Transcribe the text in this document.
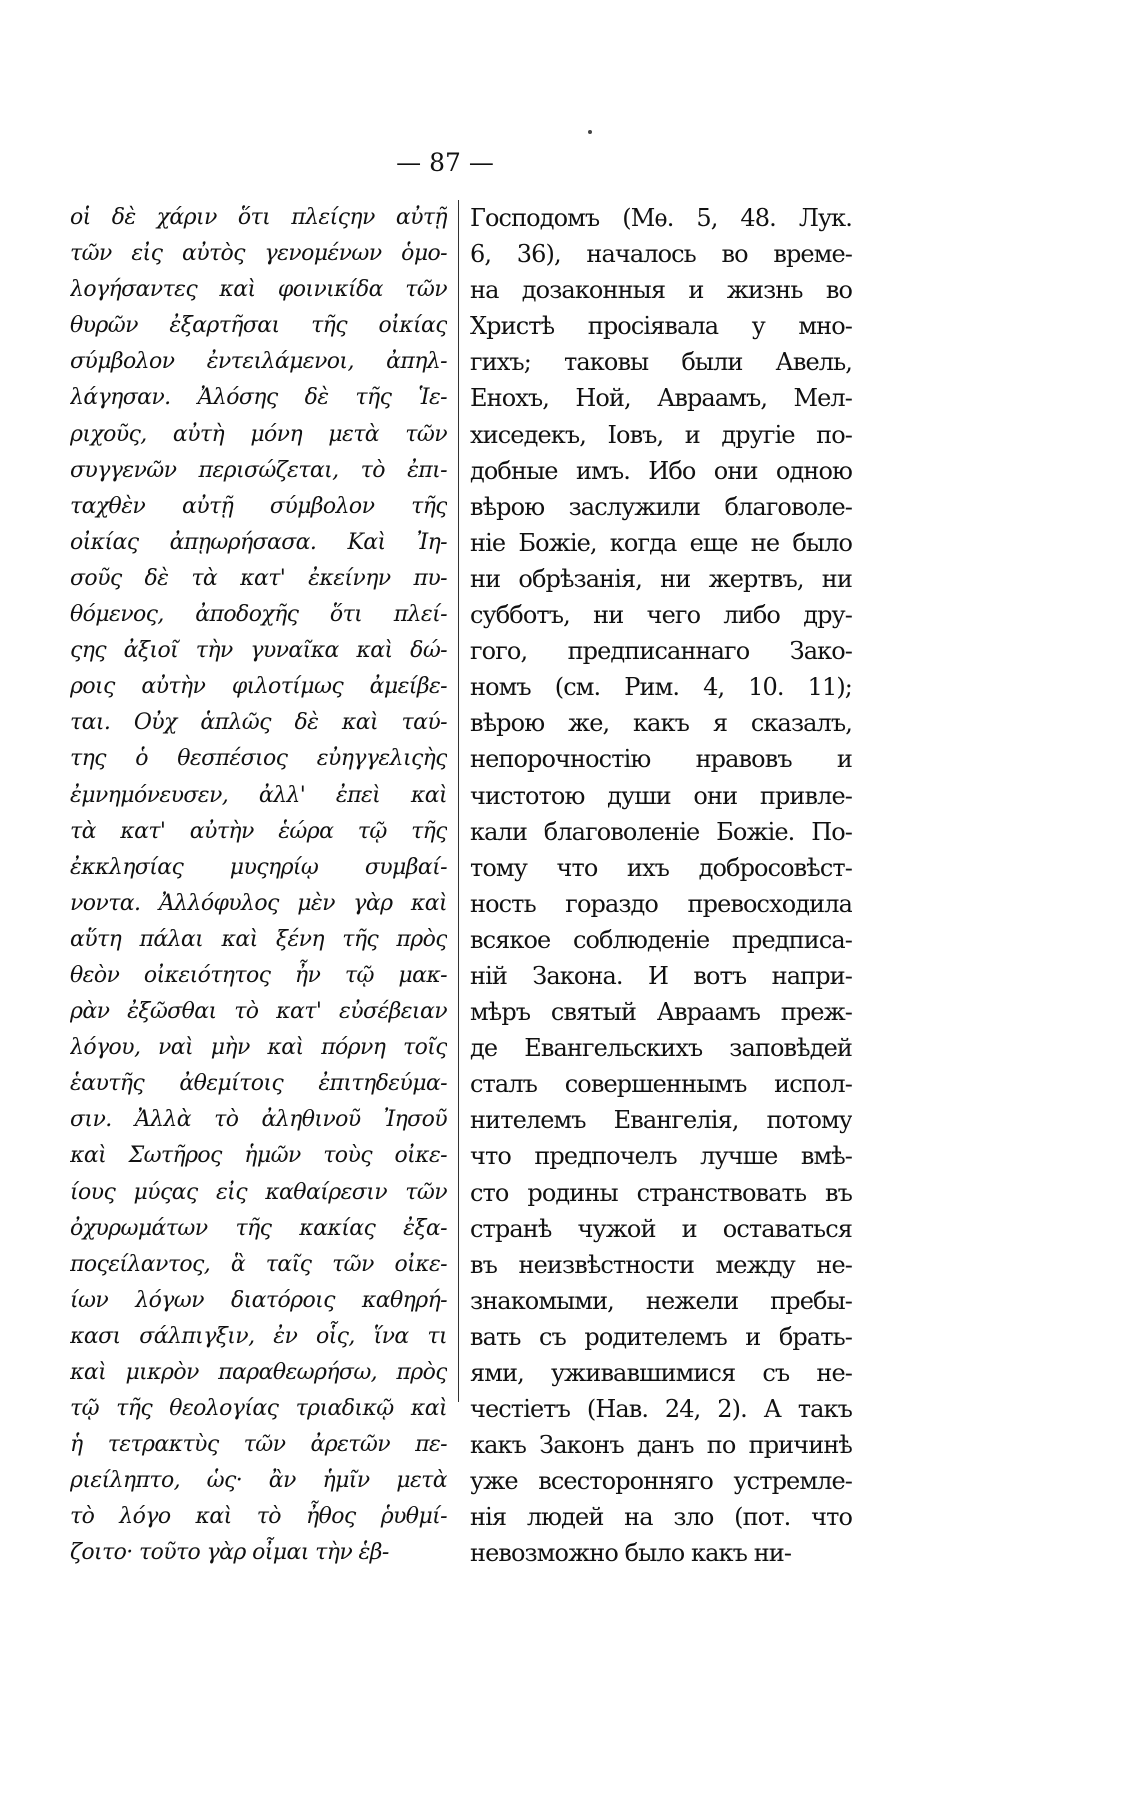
— 87 —
οἱ δὲ χάριν ὅτι πλείςην αὐτῇ
τῶν εἰς αὐτὸς γενομένων ὁμο-
λογήσαντες καὶ φοινικίδα τῶν
θυρῶν ἐξαρτῆσαι τῆς οἰκίας
σύμβολον ἐντειλάμενοι, ἀπηλ-
λάγησαν. Ἀλόσης δὲ τῆς Ἱε-
ριχοῦς, αὐτὴ μόνη μετὰ τῶν
συγγενῶν περισώζεται, τὸ ἐπι-
ταχθὲν αὐτῇ σύμβολον τῆς
οἰκίας ἀπῃωρήσασα. Καὶ Ἰη-
σοῦς δὲ τὰ κατ' ἐκείνην πυ-
θόμενος, ἀποδοχῆς ὅτι πλεί-
ςης ἀξιοῖ τὴν γυναῖκα καὶ δώ-
ροις αὐτὴν φιλοτίμως ἀμείβε-
ται. Οὐχ ἁπλῶς δὲ καὶ ταύ-
της ὁ θεσπέσιος εὐηγγελιςὴς
ἐμνημόνευσεν, ἀλλ' ἐπεὶ καὶ
τὰ κατ' αὐτὴν ἑώρα τῷ τῆς
ἐκκλησίας μυςηρίῳ συμβαί-
νοντα. Ἀλλόφυλος μὲν γὰρ καὶ
αὕτη πάλαι καὶ ξένη τῆς πρὸς
θεὸν οἰκειότητος ἦν τῷ μακ-
ρὰν ἐξῶσθαι τὸ κατ' εὐσέβειαν
λόγου, ναὶ μὴν καὶ πόρνη τοῖς
ἑαυτῆς ἀθεμίτοις ἐπιτηδεύμα-
σιν. Ἀλλὰ τὸ ἀληθινοῦ Ἰησοῦ
καὶ Σωτῆρος ἡμῶν τοὺς οἰκε-
ίους μύςας εἰς καθαίρεσιν τῶν
ὀχυρωμάτων τῆς κακίας ἐξα-
ποςείλαντος, ἃ ταῖς τῶν οἰκε-
ίων λόγων διατόροις καθηρή-
κασι σάλπιγξιν, ἐν οἷς, ἵνα τι
καὶ μικρὸν παραθεωρήσω, πρὸς
τῷ τῆς θεολογίας τριαδικῷ καὶ
ἡ τετρακτὺς τῶν ἀρετῶν πε-
ριείληπτο, ὡς· ἂν ἡμῖν μετὰ
τὸ λόγο καὶ τὸ ἦθος ῥυθμί-
ζοιτο· τοῦτο γὰρ οἶμαι τὴν ἑβ-
Господомъ (Мѳ. 5, 48. Лук.
6, 36), началось во време-
на дозаконныя и жизнь во
Христѣ просіявала у мно-
гихъ; таковы были Авель,
Енохъ, Ной, Авраамъ, Мел-
хиседекъ, Іовъ, и другіе по-
добные имъ. Ибо они одною
вѣрою заслужили благоволе-
ніе Божіе, когда еще не было
ни обрѣзанія, ни жертвъ, ни
субботъ, ни чего либо дру-
гого, предписаннаго Зако-
номъ (см. Рим. 4, 10. 11);
вѣрою же, какъ я сказалъ,
непорочностію нравовъ и
чистотою души они привле-
кали благоволеніе Божіе. По-
тому что ихъ добросовѣст-
ность гораздо превосходила
всякое соблюденіе предписа-
ній Закона. И вотъ напри-
мѣръ святый Авраамъ преж-
де Евангельскихъ заповѣдей
сталъ совершеннымъ испол-
нителемъ Евангелія, потому
что предпочелъ лучше вмѣ-
сто родины странствовать въ
странѣ чужой и оставаться
въ неизвѣстности между не-
знакомыми, нежели пребы-
вать съ родителемъ и брать-
ями, уживавшимися съ не-
честіетъ (Нав. 24, 2). А такъ
какъ Законъ данъ по причинѣ
уже всесторонняго устремле-
нія людей на зло (пот. что
невозможно было какъ ни-
